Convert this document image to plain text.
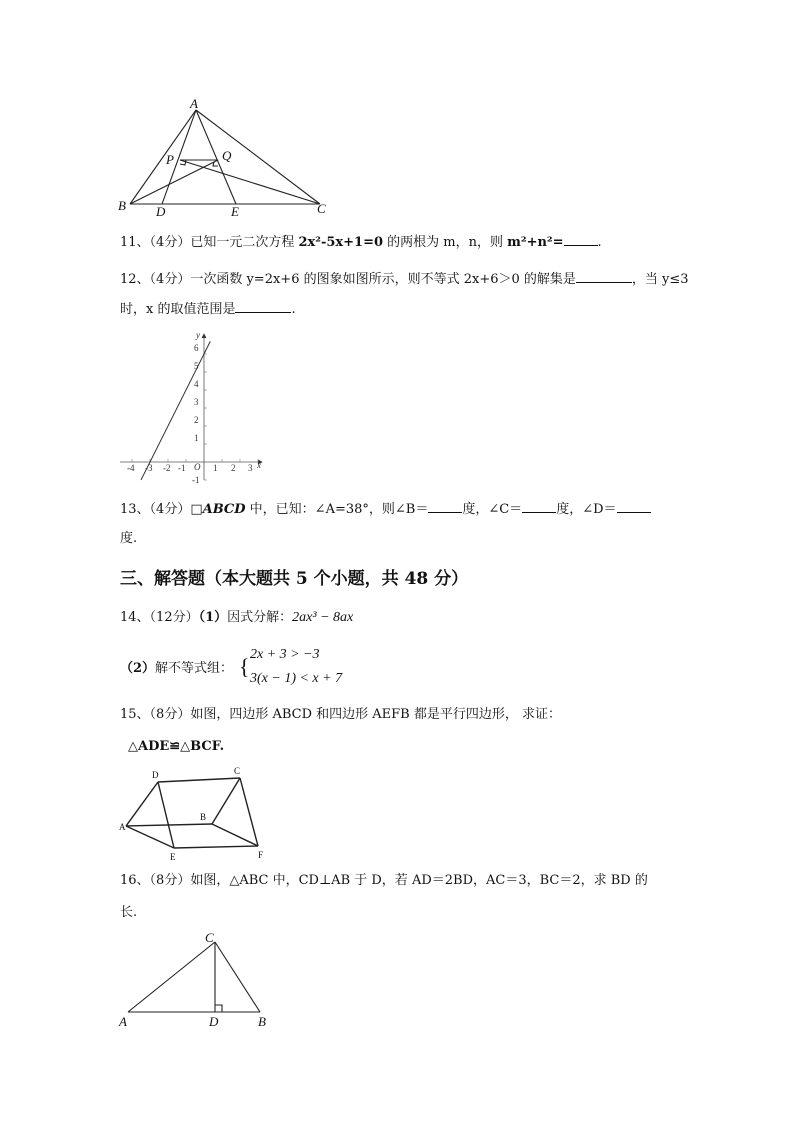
A
B	C
D	E
P	Q
11、（4分）已知一元二次方程 2x²-5x+1=0 的两根为 m，n，则 m²+n²=	.
12、（4分）一次函数 y=2x+6 的图象如图所示，则不等式 2x+6＞0 的解集是	，当 y≤3
时，x 的取值范围是	.
y
x
O
6
5
4
3
2
1
-1
-4 -3 -2 -1	1 2 3
13、（4分）□ABCD 中，已知：∠A=38°，则∠B＝	度，∠C＝	度，∠D＝
度.
三、解答题（本大题共 5 个小题，共 48 分）
14、（12分）（1）因式分解：2ax³ − 8ax
（2）解不等式组： { 2x + 3 > −3
3(x − 1) < x + 7
15、（8分）如图，四边形 ABCD 和四边形 AEFB 都是平行四边形， 求证：
△ADE≌△BCF.
D	C
B
A
E	F
16、（8分）如图，△ABC 中，CD⊥AB 于 D，若 AD＝2BD，AC＝3，BC＝2，求 BD 的
长.
C
A	D	B
